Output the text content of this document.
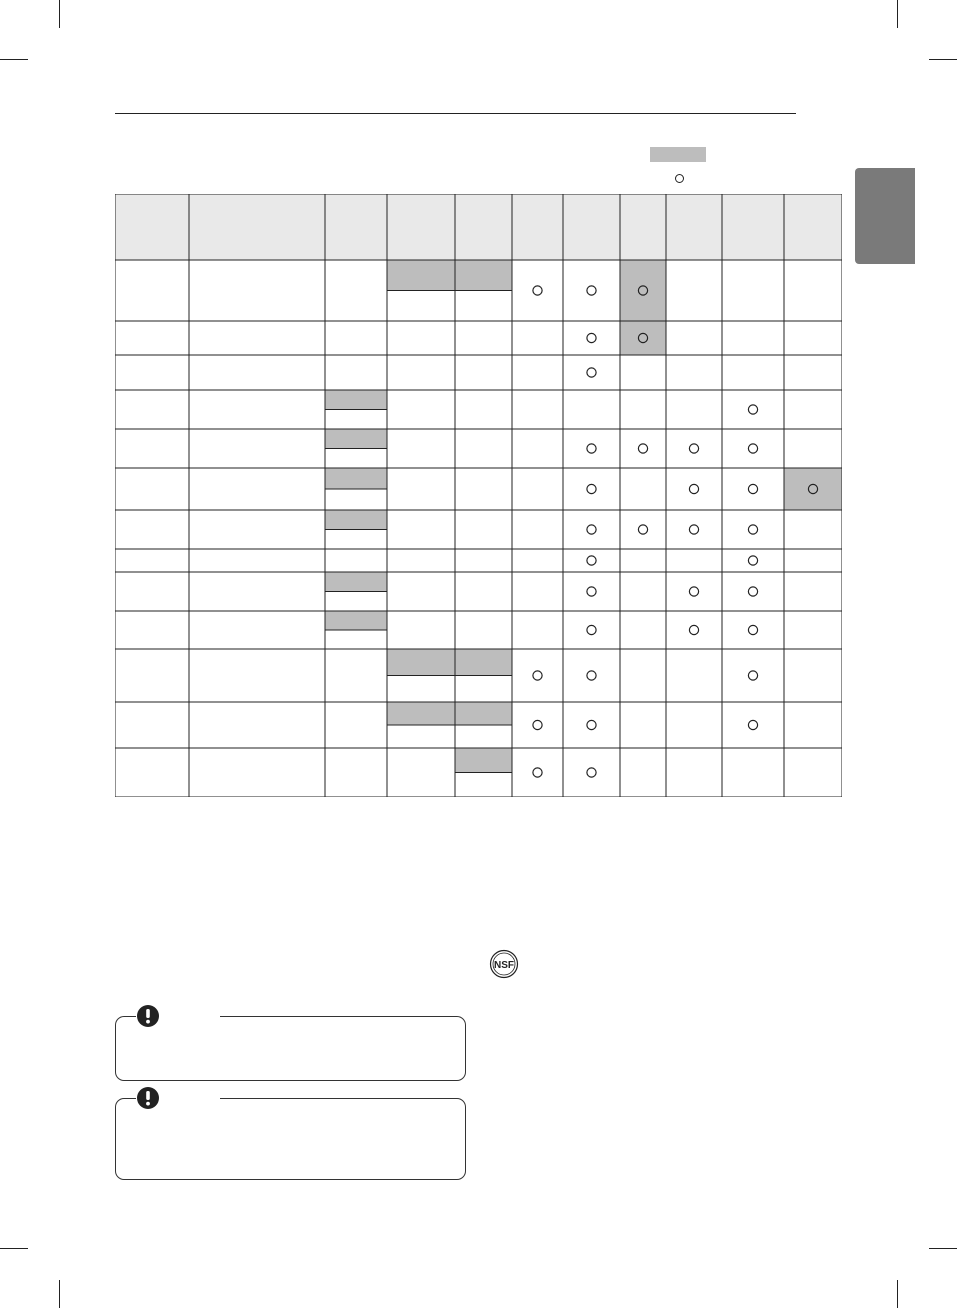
NSF
